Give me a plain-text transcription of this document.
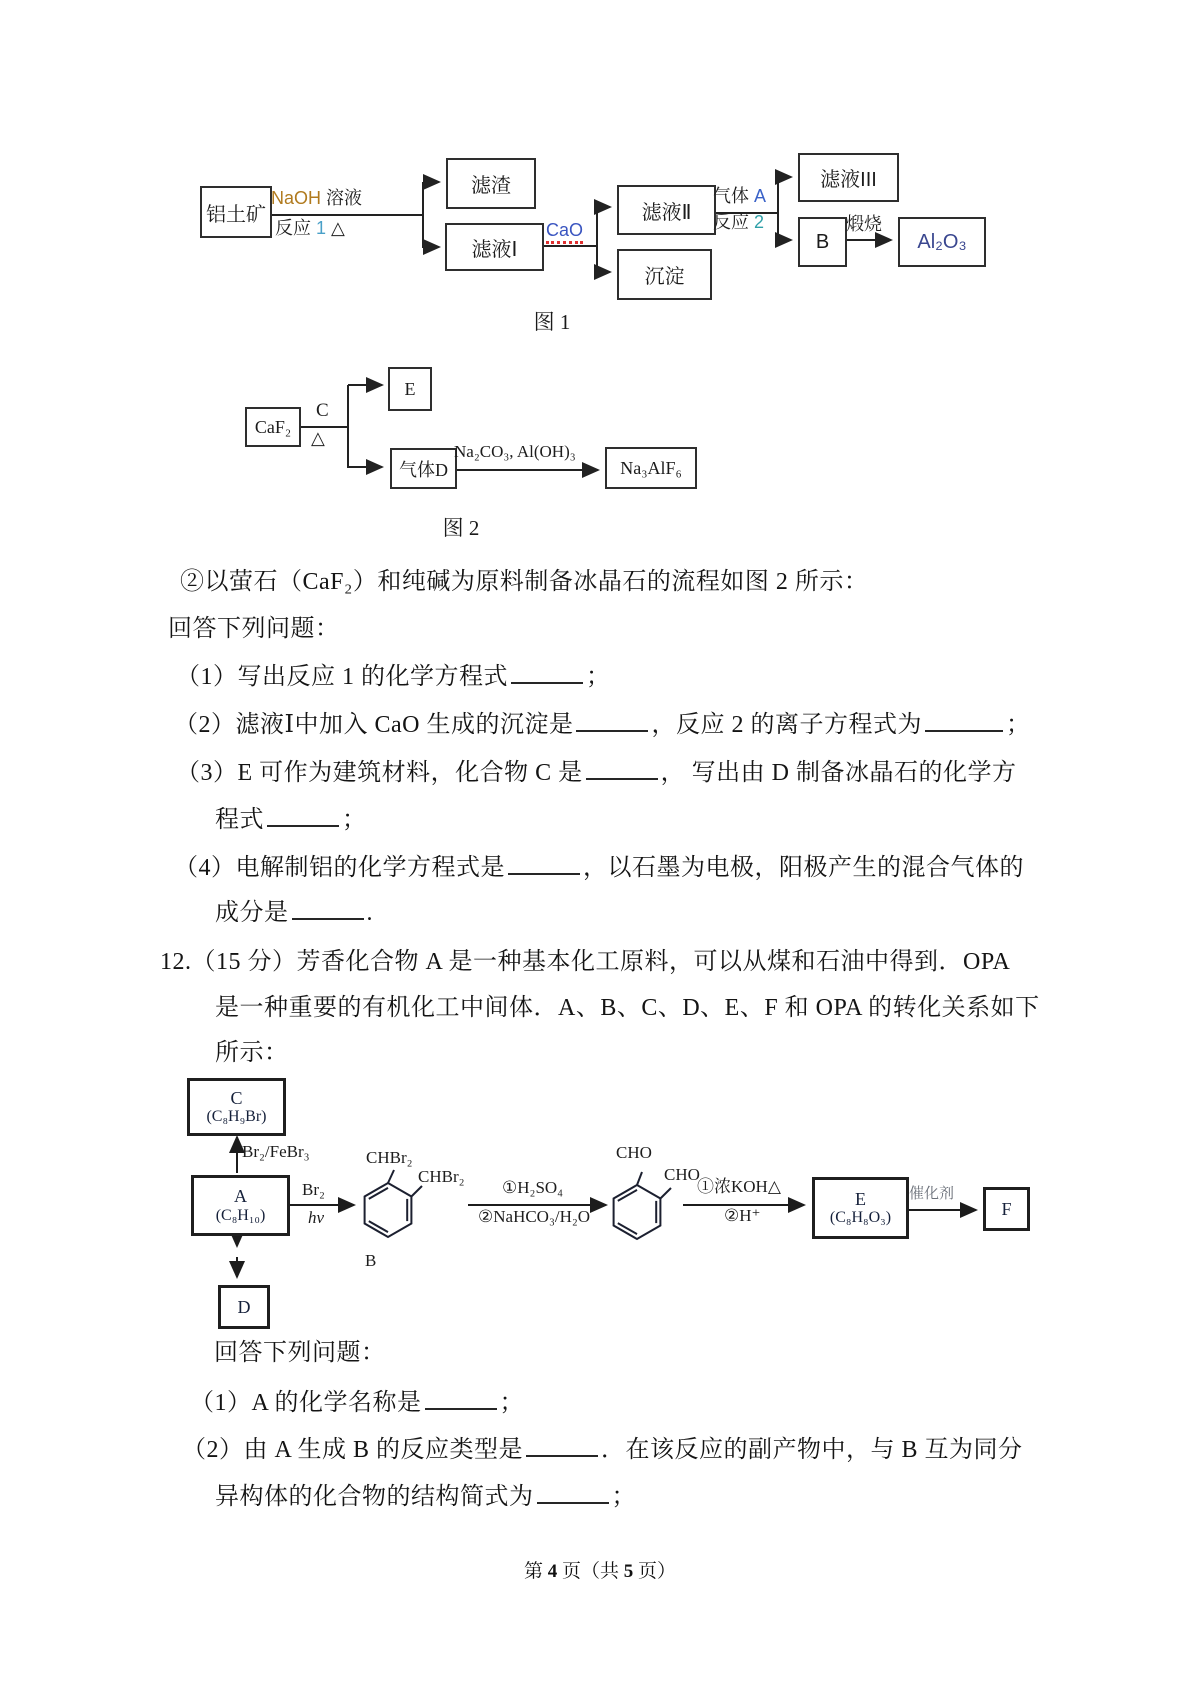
铝土矿
滤渣
滤液Ⅰ
滤液Ⅱ
沉淀
滤液III
B	Al₂O₃
NaOH 溶液
反应 1 △	CaO
气体 A
反应 2	煅烧
图 1
CaF₂
E
气体D	Na₃AlF₆
C
△
Na₂CO₃, Al(OH)₃
图 2
②以萤石（CaF₂）和纯碱为原料制备冰晶石的流程如图 2 所示：
回答下列问题：
（1）写出反应 1 的化学方程式	；
（2）滤液Ⅰ中加入 CaO 生成的沉淀是	，反应 2 的离子方程式为	；
（3）E 可作为建筑材料，化合物 C 是	， 写出由 D 制备冰晶石的化学方
程式	；
（4）电解制铝的化学方程式是	，以石墨为电极，阳极产生的混合气体的
成分是	.
12.（15 分）芳香化合物 A 是一种基本化工原料，可以从煤和石油中得到．OPA
是一种重要的有机化工中间体．A、B、C、D、E、F 和 OPA 的转化关系如下
所示：
C
(C₈H₉Br)
A
(C₈H₁₀)
D
E
(C₈H₈O₃)	F
Br₂/FeBr₃
Br₂
hν
CHBr₂
CHBr₂
B
①H₂SO₄
②NaHCO₃/H₂O
CHO
CHO
①浓KOH△
②H⁺
催化剂
回答下列问题：
（1）A 的化学名称是	；
（2）由 A 生成 B 的反应类型是	．在该反应的副产物中，与 B 互为同分
异构体的化合物的结构简式为	；
第 4 页（共 5 页）
